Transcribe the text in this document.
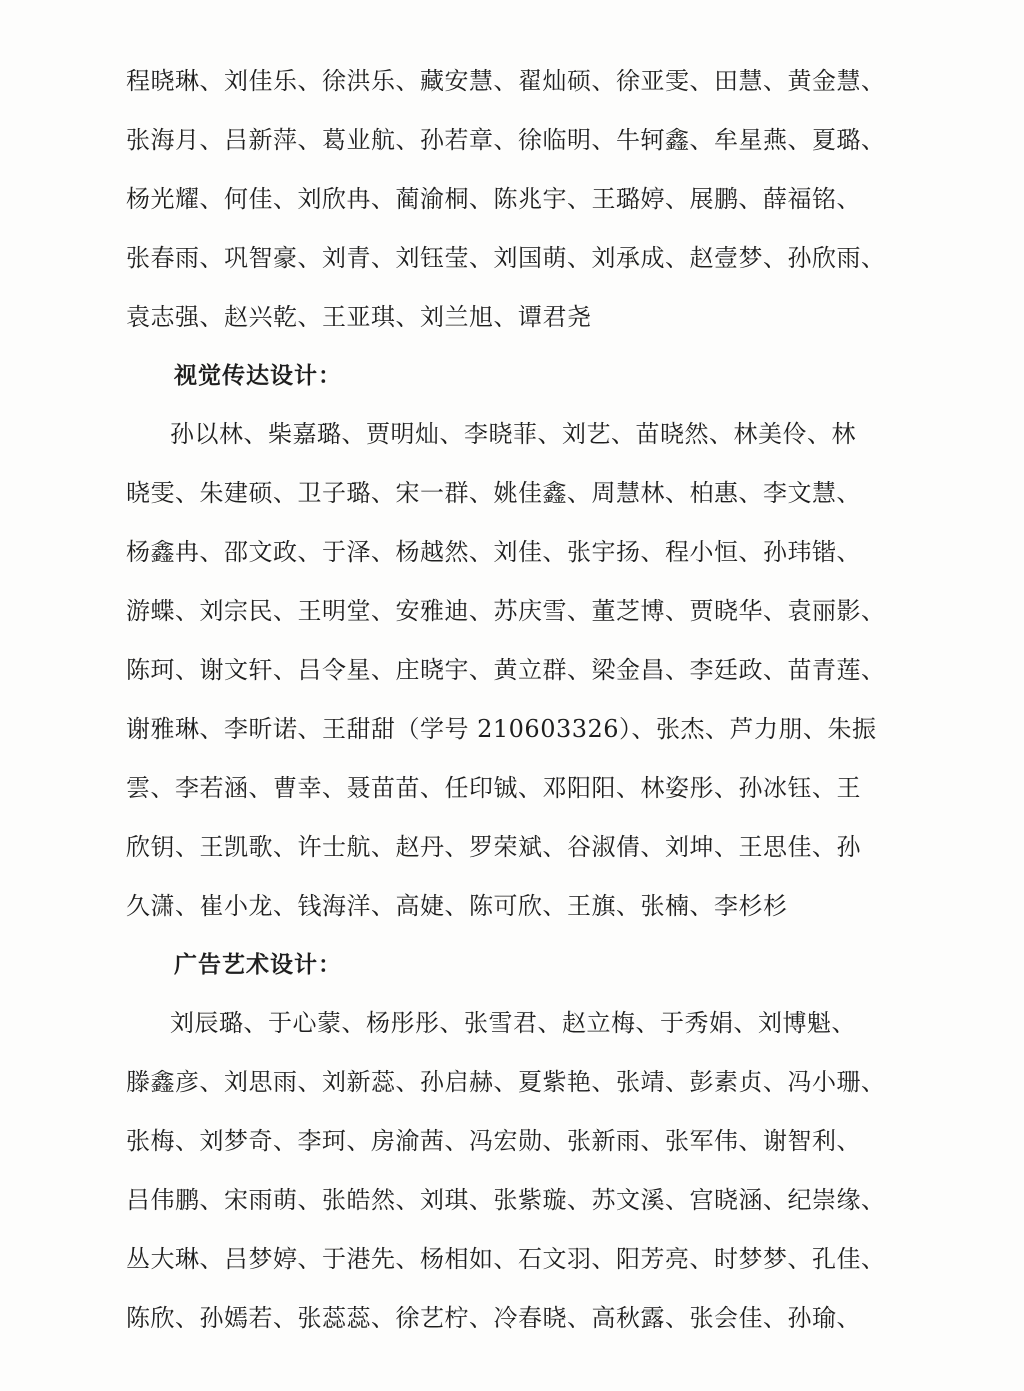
程晓琳、刘佳乐、徐洪乐、藏安慧、翟灿硕、徐亚雯、田慧、黄金慧、
张海月、吕新萍、葛业航、孙若章、徐临明、牛轲鑫、牟星燕、夏璐、
杨光耀、何佳、刘欣冉、蔺渝桐、陈兆宇、王璐婷、展鹏、薛福铭、
张春雨、巩智豪、刘青、刘钰莹、刘国萌、刘承成、赵壹梦、孙欣雨、
袁志强、赵兴乾、王亚琪、刘兰旭、谭君尧
视觉传达设计：
孙以林、柴嘉璐、贾明灿、李晓菲、刘艺、苗晓然、林美伶、林
晓雯、朱建硕、卫子璐、宋一群、姚佳鑫、周慧林、柏惠、李文慧、
杨鑫冉、邵文政、于泽、杨越然、刘佳、张宇扬、程小恒、孙玮锴、
游蝶、刘宗民、王明堂、安雅迪、苏庆雪、董芝博、贾晓华、袁丽影、
陈珂、谢文轩、吕令星、庄晓宇、黄立群、梁金昌、李廷政、苗青莲、
谢雅琳、李昕诺、王甜甜（学号 210603326）、张杰、芦力朋、朱振
雲、李若涵、曹幸、聂苗苗、任印铖、邓阳阳、林姿彤、孙冰钰、王
欣钥、王凯歌、许士航、赵丹、罗荣斌、谷淑倩、刘坤、王思佳、孙
久潇、崔小龙、钱海洋、高婕、陈可欣、王旗、张楠、李杉杉
广告艺术设计：
刘辰璐、于心蒙、杨彤彤、张雪君、赵立梅、于秀娟、刘博魁、
滕鑫彦、刘思雨、刘新蕊、孙启赫、夏紫艳、张靖、彭素贞、冯小珊、
张梅、刘梦奇、李珂、房渝茜、冯宏勋、张新雨、张军伟、谢智利、
吕伟鹏、宋雨萌、张皓然、刘琪、张紫璇、苏文溪、宫晓涵、纪崇缘、
丛大琳、吕梦婷、于港先、杨相如、石文羽、阳芳亮、时梦梦、孔佳、
陈欣、孙嫣若、张蕊蕊、徐艺柠、冷春晓、高秋露、张会佳、孙瑜、
